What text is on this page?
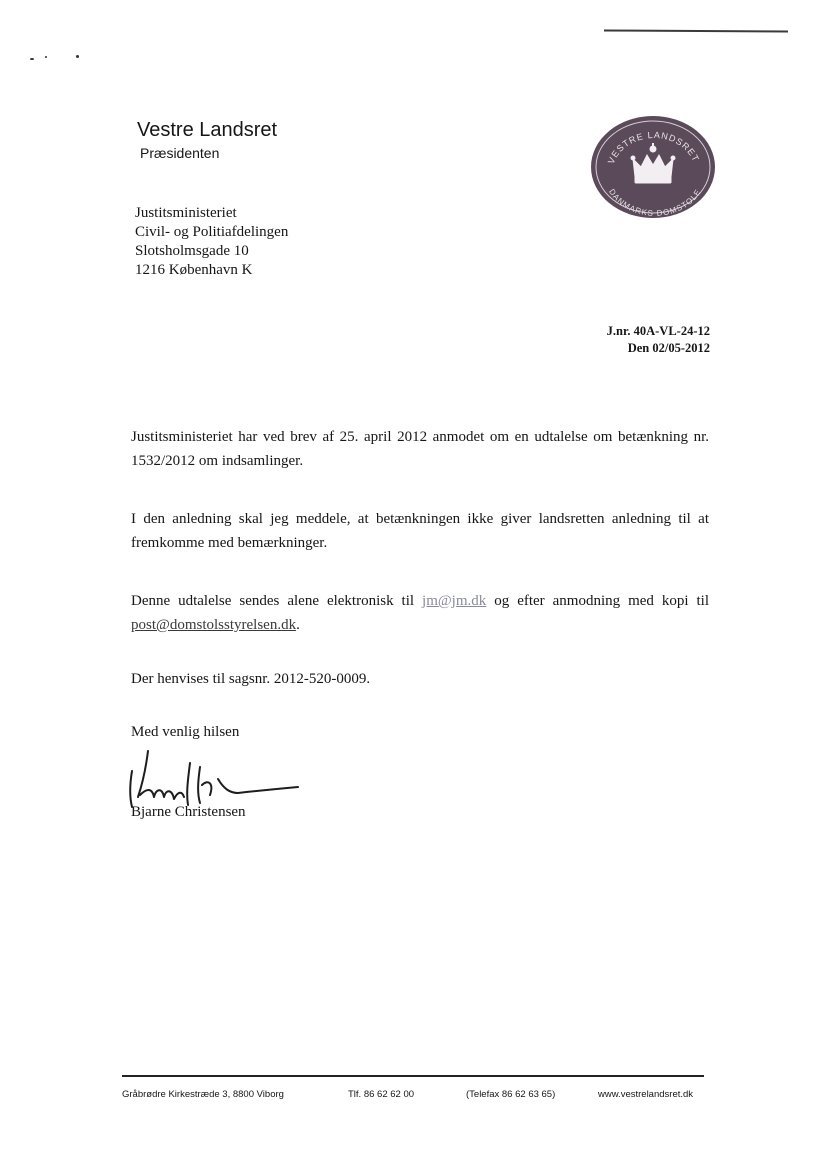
Vestre Landsret
Præsidenten	VESTRE LANDSRET
DANMARKS DOMSTOLE
Justitsministeriet
Civil- og Politiafdelingen
Slotsholmsgade 10
1216 København K
J.nr. 40A-VL-24-12
Den 02/05-2012

Justitsministeriet har ved brev af 25. april 2012 anmodet om en udtalelse om betænkning nr. 1532/2012 om indsamlinger.

I den anledning skal jeg meddele, at betænkningen ikke giver landsretten anledning til at fremkomme med bemærkninger.

Denne udtalelse sendes alene elektronisk til jm@jm.dk og efter anmodning med kopi til post@domstolsstyrelsen.dk.

Der henvises til sagsnr. 2012-520-0009.

Med venlig hilsen

Bjarne Christensen
Gråbrødre Kirkestræde 3, 8800 Viborg	Tlf. 86 62 62 00	(Telefax 86 62 63 65)	www.vestrelandsret.dk
